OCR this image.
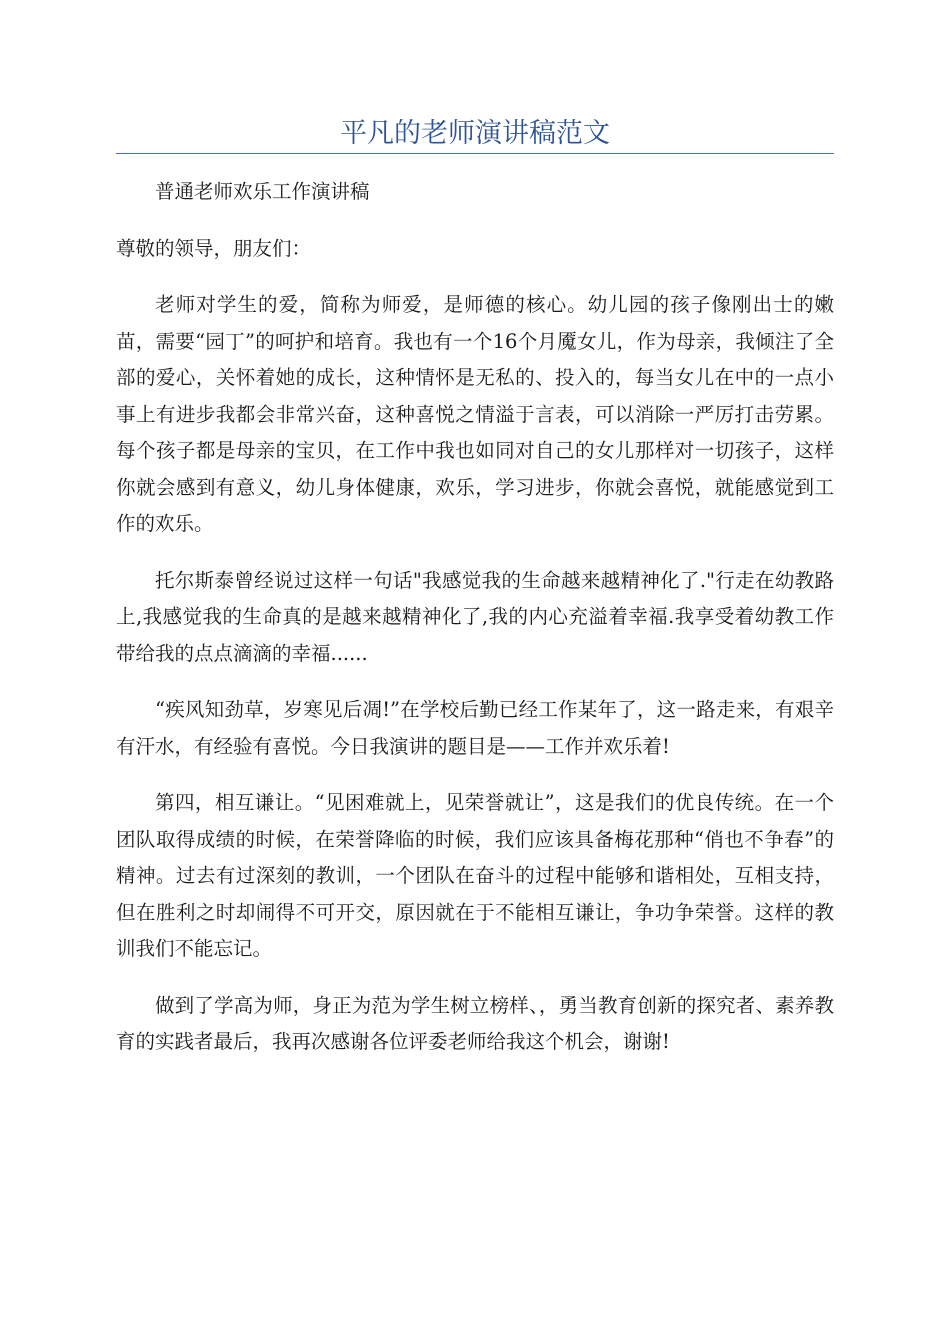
平凡的老师演讲稿范文

普通老师欢乐工作演讲稿

尊敬的领导，朋友们：

老师对学生的爱，简称为师爱，是师德的核心。幼儿园的孩子像刚出士的嫩苗，需要“园丁”的呵护和培育。我也有一个16个月魇女儿，作为母亲，我倾注了全部的爱心，关怀着她的成长，这种情怀是无私的、投入的，每当女儿在中的一点小事上有进步我都会非常兴奋，这种喜悦之情溢于言表，可以消除一严厉打击劳累。每个孩子都是母亲的宝贝，在工作中我也如同对自己的女儿那样对一切孩子，这样你就会感到有意义，幼儿身体健康，欢乐，学习进步，你就会喜悦，就能感觉到工作的欢乐。

托尔斯泰曾经说过这样一句话"我感觉我的生命越来越精神化了."行走在幼教路上,我感觉我的生命真的是越来越精神化了,我的内心充溢着幸福.我享受着幼教工作带给我的点点滴滴的幸福......

“疾风知劲草，岁寒见后凋!”在学校后勤已经工作某年了，这一路走来，有艰辛有汗水，有经验有喜悦。今日我演讲的题目是——工作并欢乐着!

第四，相互谦让。“见困难就上，见荣誉就让”，这是我们的优良传统。在一个团队取得成绩的时候，在荣誉降临的时候，我们应该具备梅花那种“俏也不争春”的精神。过去有过深刻的教训，一个团队在奋斗的过程中能够和谐相处，互相支持，但在胜利之时却闹得不可开交，原因就在于不能相互谦让，争功争荣誉。这样的教训我们不能忘记。

做到了学高为师，身正为范为学生树立榜样、，勇当教育创新的探究者、素养教育的实践者最后，我再次感谢各位评委老师给我这个机会，谢谢!
